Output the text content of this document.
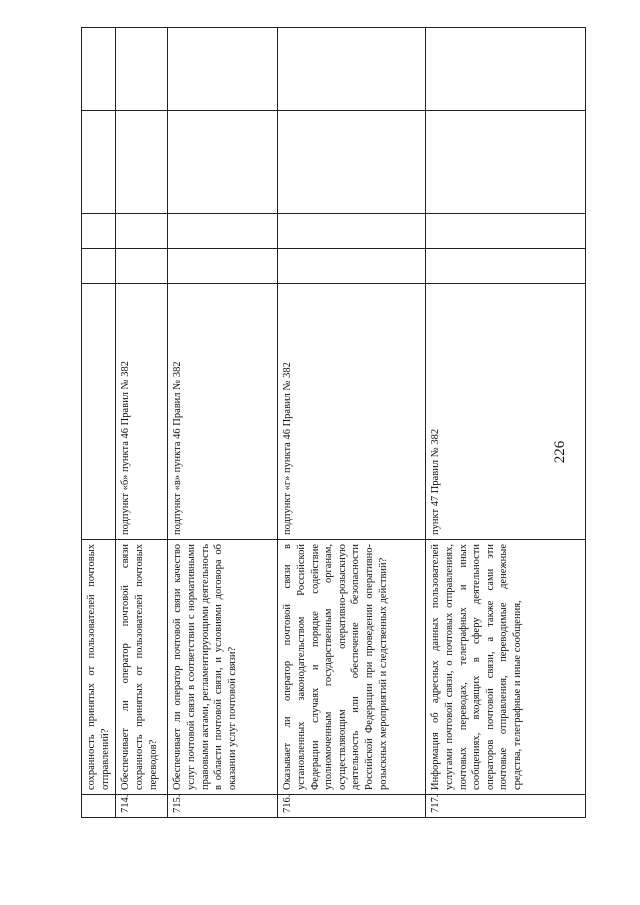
226
	сохранность принятых от пользователей почтовых отправлений?					
714.	Обеспечивает ли оператор почтовой связи сохранность принятых от пользователей почтовых переводов?	подпункт «б» пункта 46 Правил № 382				
715.	Обеспечивает ли оператор почтовой связи качество услуг почтовой связи в соответствии с нормативными правовыми актами, регламентирующими деятельность в области почтовой связи, и условиями договора об оказании услуг почтовой связи?	подпункт «в» пункта 46 Правил № 382				
716.	Оказывает ли оператор почтовой связи в установленных законодательством Российской Федерации случаях и порядке содействие уполномоченным государственным органам, осуществляющим оперативно-розыскную деятельность или обеспечение безопасности Российской Федерации при проведении оперативно-розыскных мероприятий и следственных действий?	подпункт «г» пункта 46 Правил № 382				
717.	Информация об адресных данных пользователей услугами почтовой связи, о почтовых отправлениях, почтовых переводах, телеграфных и иных сообщениях, входящих в сферу деятельности операторов почтовой связи, а также сами эти почтовые отправления, переводимые денежные средства, телеграфные и иные сообщения,	пункт 47 Правил № 382				
